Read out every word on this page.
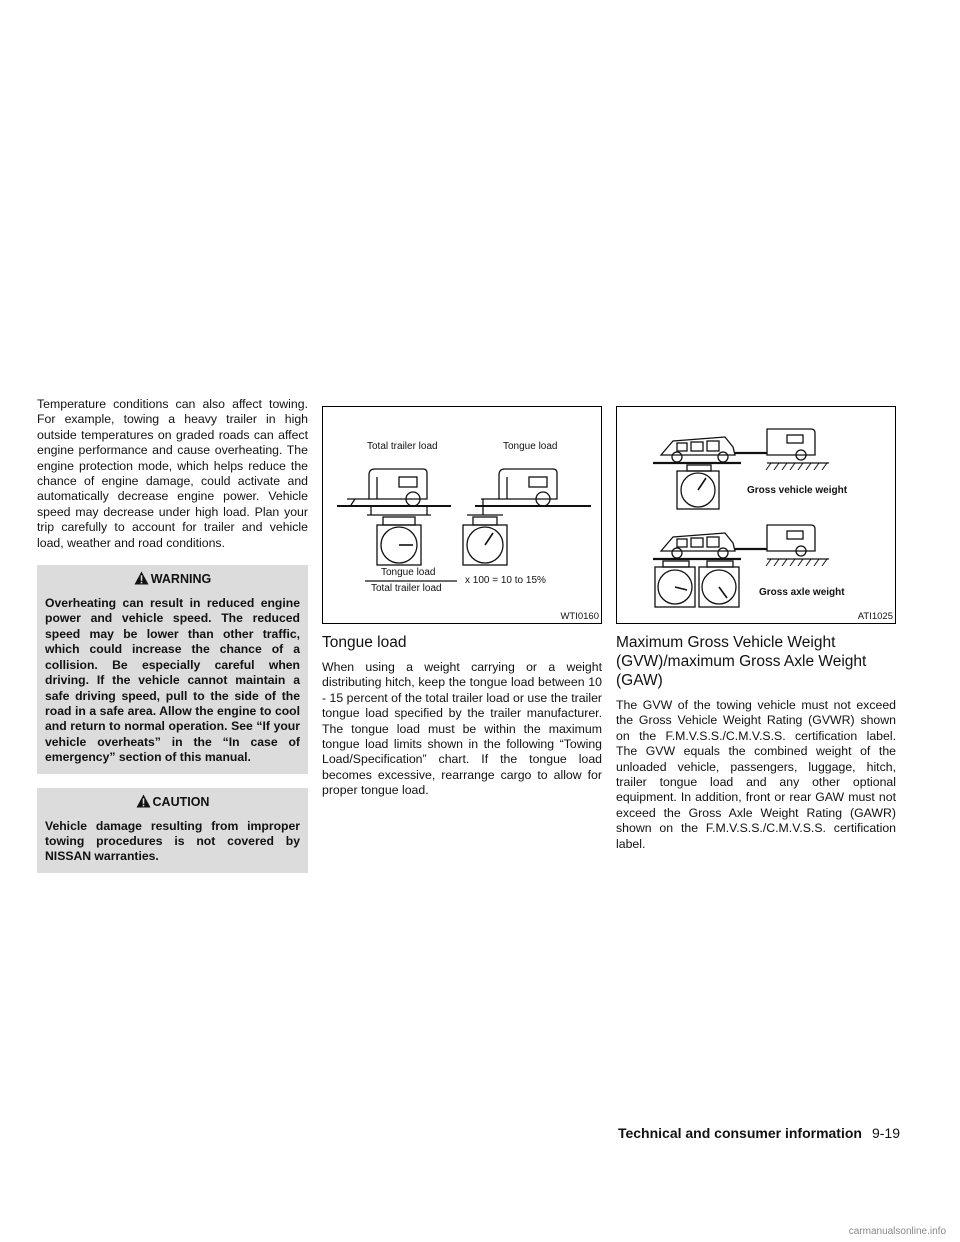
Temperature conditions can also affect towing. For example, towing a heavy trailer in high outside temperatures on graded roads can affect engine performance and cause overheating. The engine protection mode, which helps reduce the chance of engine damage, could activate and automatically decrease engine power. Vehicle speed may decrease under high load. Plan your trip carefully to account for trailer and vehicle load, weather and road conditions.

WARNING

Overheating can result in reduced engine power and vehicle speed. The reduced speed may be lower than other traffic, which could increase the chance of a collision. Be especially careful when driving. If the vehicle cannot maintain a safe driving speed, pull to the side of the road in a safe area. Allow the engine to cool and return to normal operation. See “If your vehicle overheats” in the “In case of emergency” section of this manual.

CAUTION

Vehicle damage resulting from improper towing procedures is not covered by NISSAN warranties.

Total trailer load	Tongue load
Tongue load
Total trailer load
x 100 = 10 to 15%
WTI0160
Tongue load

When using a weight carrying or a weight distributing hitch, keep the tongue load between 10 - 15 percent of the total trailer load or use the trailer tongue load specified by the trailer manufacturer. The tongue load must be within the maximum tongue load limits shown in the following “Towing Load/Specification” chart. If the tongue load becomes excessive, rearrange cargo to allow for proper tongue load.

Gross vehicle weight
Gross axle weight
ATI1025
Maximum Gross Vehicle Weight (GVW)/maximum Gross Axle Weight (GAW)

The GVW of the towing vehicle must not exceed the Gross Vehicle Weight Rating (GVWR) shown on the F.M.V.S.S./C.M.V.S.S. certification label. The GVW equals the combined weight of the unloaded vehicle, passengers, luggage, hitch, trailer tongue load and any other optional equipment. In addition, front or rear GAW must not exceed the Gross Axle Weight Rating (GAWR) shown on the F.M.V.S.S./C.M.V.S.S. certification label.

Technical and consumer information 9-19
carmanualsonline.info
